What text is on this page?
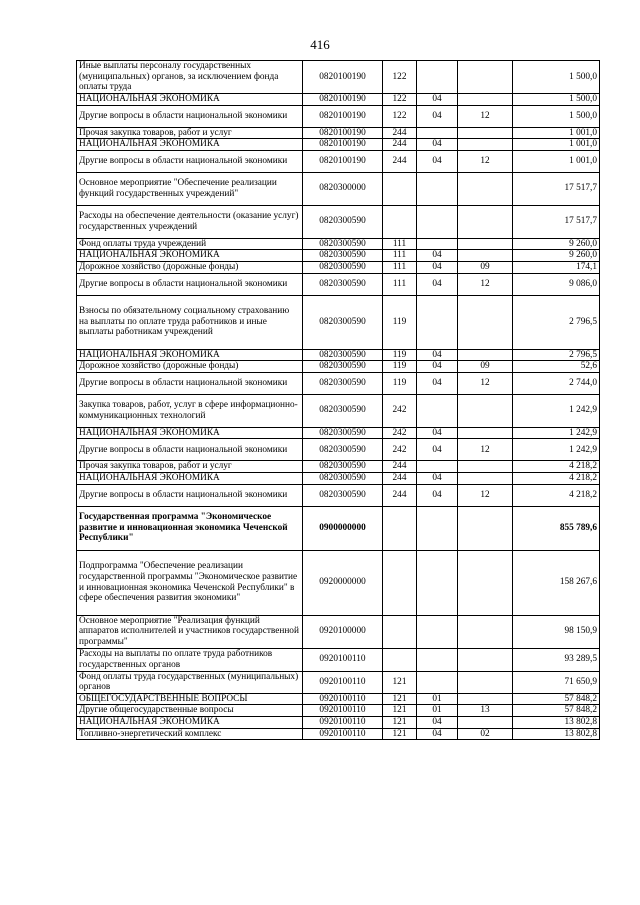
416
Иные выплаты персоналу государственных (муниципальных) органов, за исключением фонда оплаты труда	0820100190	122			1 500,0
НАЦИОНАЛЬНАЯ ЭКОНОМИКА	0820100190	122	04		1 500,0
Другие вопросы в области национальной экономики	0820100190	122	04	12	1 500,0
Прочая закупка товаров, работ и услуг	0820100190	244			1 001,0
НАЦИОНАЛЬНАЯ ЭКОНОМИКА	0820100190	244	04		1 001,0
Другие вопросы в области национальной экономики	0820100190	244	04	12	1 001,0
Основное мероприятие "Обеспечение реализации функций государственных учреждений"	0820300000				17 517,7
Расходы на обеспечение деятельности (оказание услуг) государственных учреждений	0820300590				17 517,7
Фонд оплаты труда учреждений	0820300590	111			9 260,0
НАЦИОНАЛЬНАЯ ЭКОНОМИКА	0820300590	111	04		9 260,0
Дорожное хозяйство (дорожные фонды)	0820300590	111	04	09	174,1
Другие вопросы в области национальной экономики	0820300590	111	04	12	9 086,0
Взносы по обязательному социальному страхованию на выплаты по оплате труда работников и иные выплаты работникам учреждений	0820300590	119			2 796,5
НАЦИОНАЛЬНАЯ ЭКОНОМИКА	0820300590	119	04		2 796,5
Дорожное хозяйство (дорожные фонды)	0820300590	119	04	09	52,6
Другие вопросы в области национальной экономики	0820300590	119	04	12	2 744,0
Закупка товаров, работ, услуг в сфере информационно-коммуникационных технологий	0820300590	242			1 242,9
НАЦИОНАЛЬНАЯ ЭКОНОМИКА	0820300590	242	04		1 242,9
Другие вопросы в области национальной экономики	0820300590	242	04	12	1 242,9
Прочая закупка товаров, работ и услуг	0820300590	244			4 218,2
НАЦИОНАЛЬНАЯ ЭКОНОМИКА	0820300590	244	04		4 218,2
Другие вопросы в области национальной экономики	0820300590	244	04	12	4 218,2
Государственная программа "Экономическое развитие и инновационная экономика Чеченской Республики"	0900000000				855 789,6
Подпрограмма "Обеспечение реализации государственной программы "Экономическое развитие и инновационная экономика Чеченской Республики" в сфере обеспечения развития экономики"	0920000000				158 267,6
Основное мероприятие "Реализация функций аппаратов исполнителей и участников государственной программы"	0920100000				98 150,9
Расходы на выплаты по оплате труда работников государственных органов	0920100110				93 289,5
Фонд оплаты труда государственных (муниципальных) органов	0920100110	121			71 650,9
ОБЩЕГОСУДАРСТВЕННЫЕ ВОПРОСЫ	0920100110	121	01		57 848,2
Другие общегосударственные вопросы	0920100110	121	01	13	57 848,2
НАЦИОНАЛЬНАЯ ЭКОНОМИКА	0920100110	121	04		13 802,8
Топливно-энергетический комплекс	0920100110	121	04	02	13 802,8
